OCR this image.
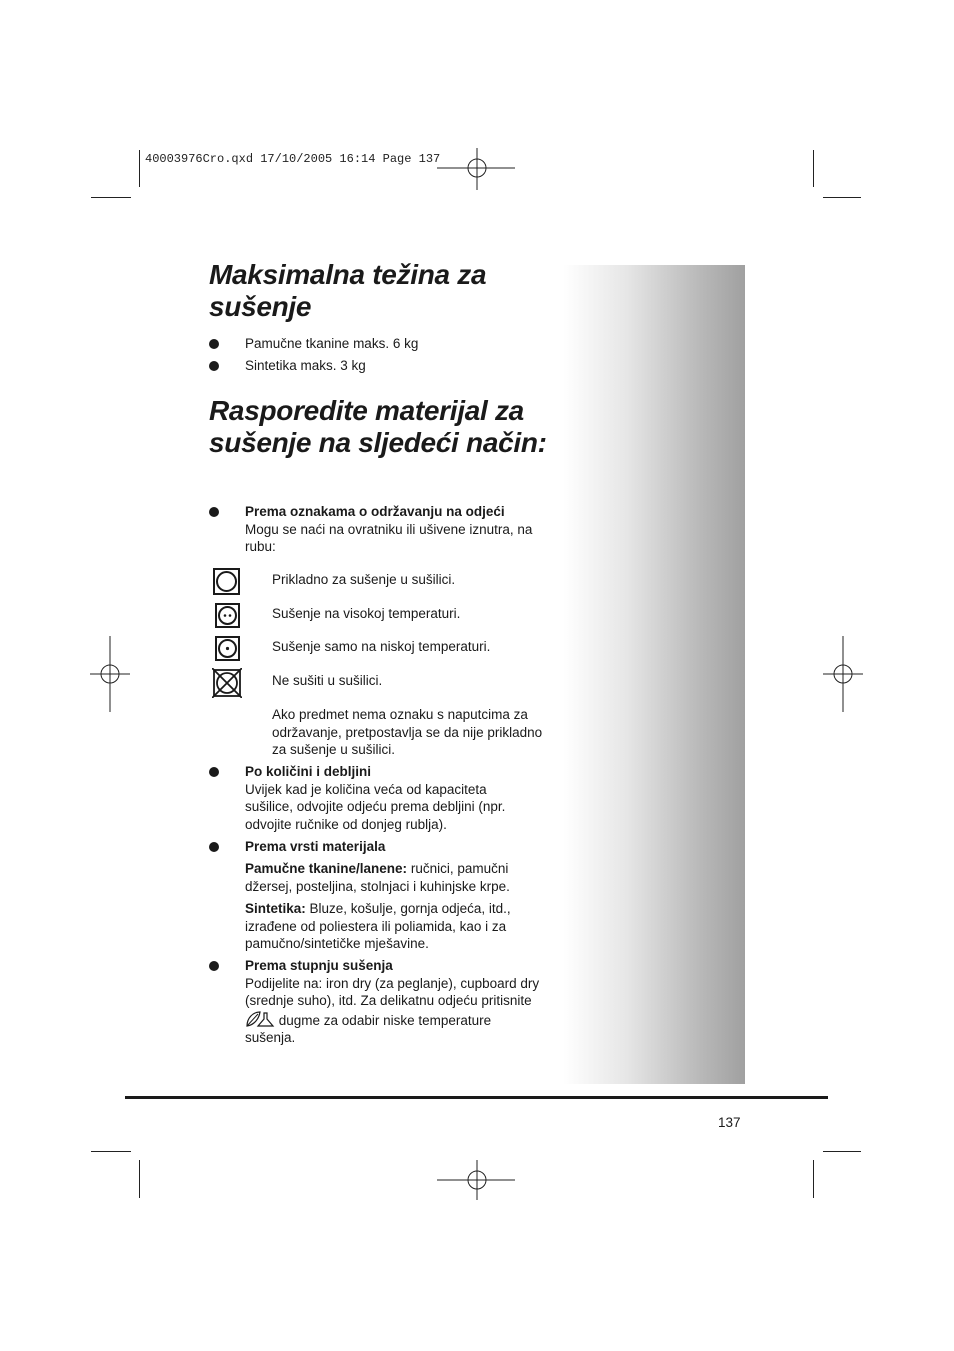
40003976Cro.qxd 17/10/2005 16:14 Page 137
Maksimalna težina za sušenje
Pamučne tkanine maks. 6 kg
Sintetika maks. 3 kg
Rasporedite materijal za sušenje na sljedeći način:
Prema oznakama o održavanju na odjeći
Mogu se naći na ovratniku ili ušivene iznutra, na rubu:
Prikladno za sušenje u sušilici.
Sušenje na visokoj temperaturi.
Sušenje samo na niskoj temperaturi.
Ne sušiti u sušilici.
Ako predmet nema oznaku s naputcima za održavanje, pretpostavlja se da nije prikladno za sušenje u sušilici.
Po količini i debljini
Uvijek kad je količina veća od kapaciteta sušilice, odvojite odjeću prema debljini (npr. odvojite ručnike od donjeg rublja).
Prema vrsti materijala
Pamučne tkanine/lanene: ručnici, pamučni džersej, posteljina, stolnjaci i kuhinjske krpe.
Sintetika: Bluze, košulje, gornja odjeća, itd., izrađene od poliestera ili poliamida, kao i za pamučno/sintetičke mješavine.
Prema stupnju sušenja
Podijelite na: iron dry (za peglanje), cupboard dry (srednje suho), itd. Za delikatnu odjeću pritisnite  dugme za odabir niske temperature sušenja.
137
